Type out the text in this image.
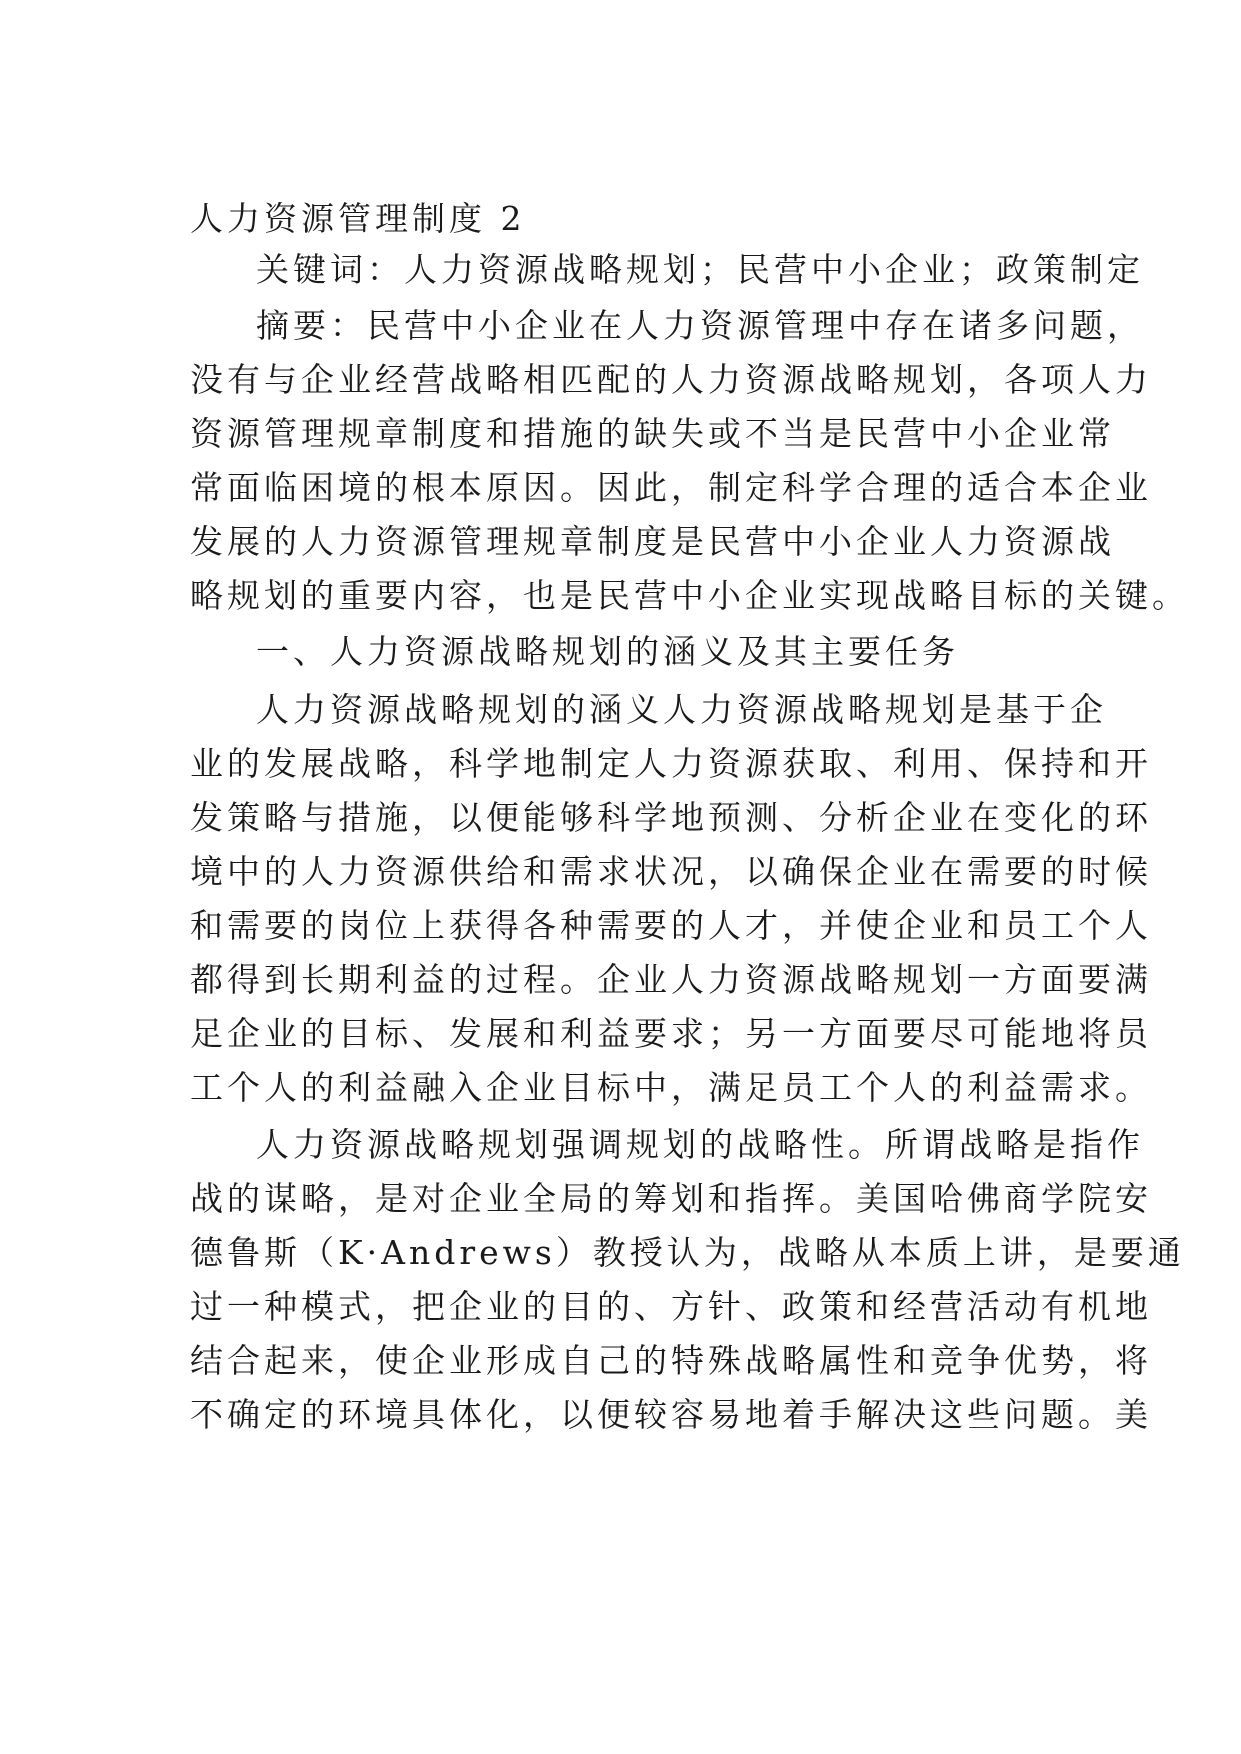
人力资源管理制度 2
关键词：人力资源战略规划；民营中小企业；政策制定
摘要：民营中小企业在人力资源管理中存在诸多问题，
没有与企业经营战略相匹配的人力资源战略规划，各项人力
资源管理规章制度和措施的缺失或不当是民营中小企业常
常面临困境的根本原因。因此，制定科学合理的适合本企业
发展的人力资源管理规章制度是民营中小企业人力资源战
略规划的重要内容，也是民营中小企业实现战略目标的关键。
一、人力资源战略规划的涵义及其主要任务
人力资源战略规划的涵义人力资源战略规划是基于企
业的发展战略，科学地制定人力资源获取、利用、保持和开
发策略与措施，以便能够科学地预测、分析企业在变化的环
境中的人力资源供给和需求状况，以确保企业在需要的时候
和需要的岗位上获得各种需要的人才，并使企业和员工个人
都得到长期利益的过程。企业人力资源战略规划一方面要满
足企业的目标、发展和利益要求；另一方面要尽可能地将员
工个人的利益融入企业目标中，满足员工个人的利益需求。
人力资源战略规划强调规划的战略性。所谓战略是指作
战的谋略，是对企业全局的筹划和指挥。美国哈佛商学院安
德鲁斯（K·Andrews）教授认为，战略从本质上讲，是要通
过一种模式，把企业的目的、方针、政策和经营活动有机地
结合起来，使企业形成自己的特殊战略属性和竞争优势，将
不确定的环境具体化，以便较容易地着手解决这些问题。美
